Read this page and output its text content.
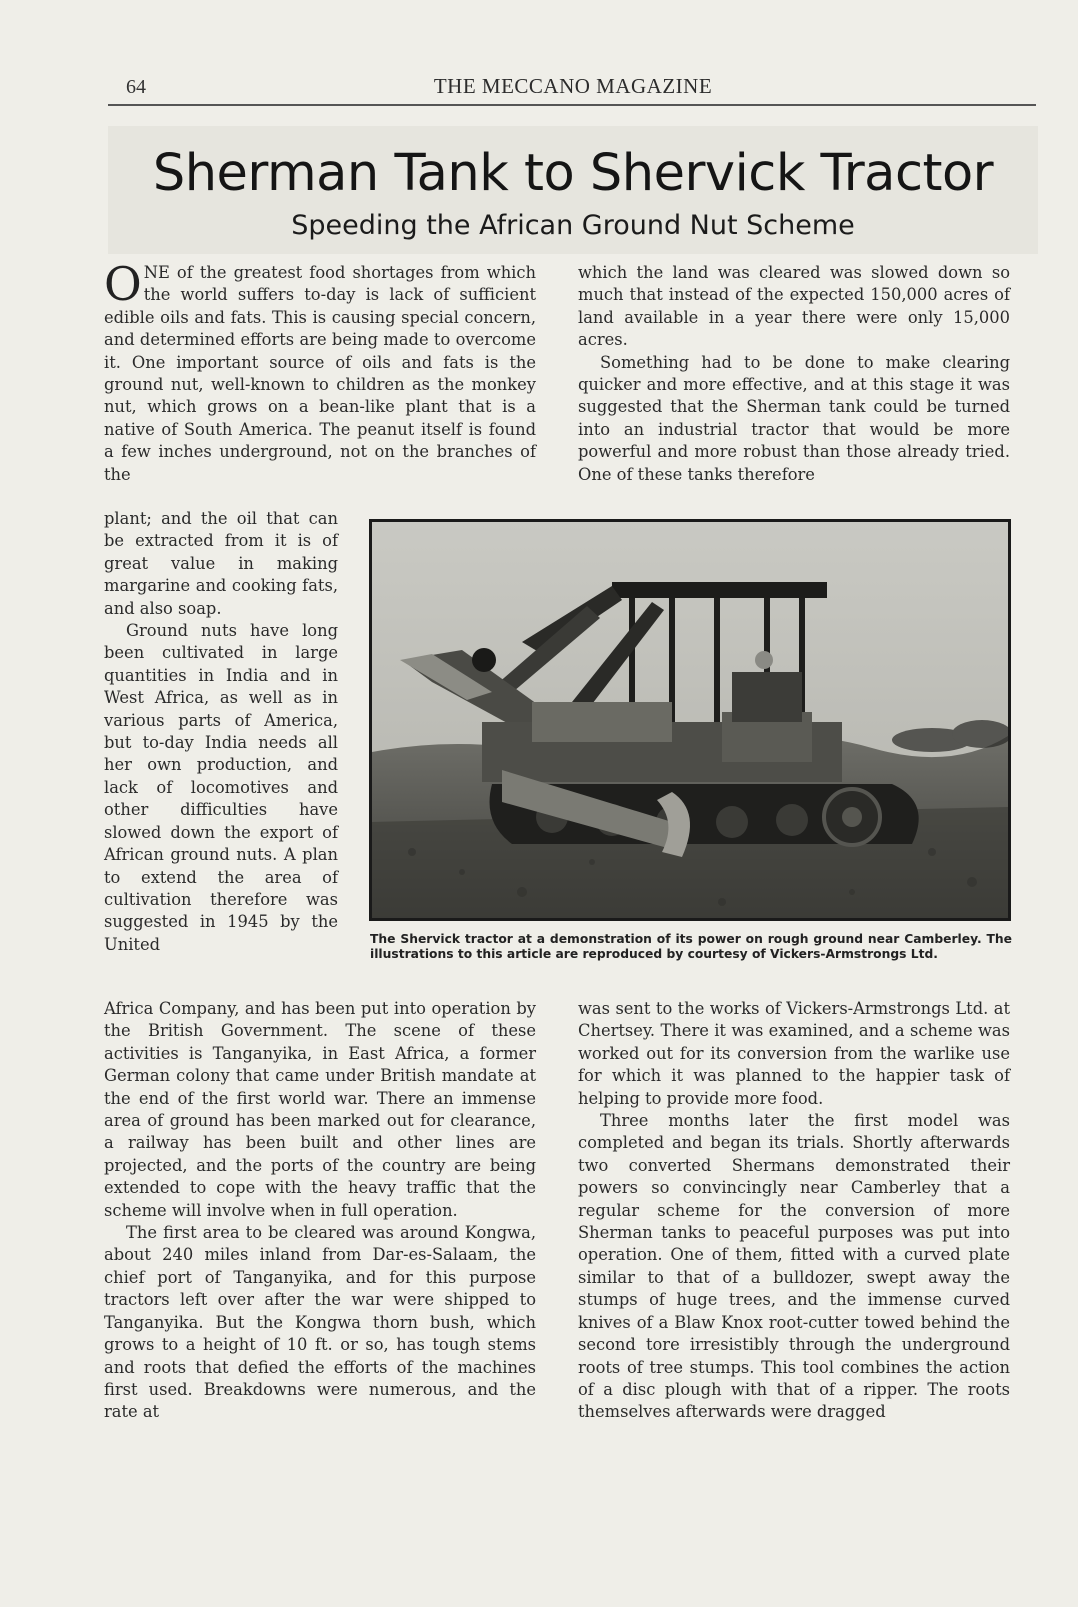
64	THE MECCANO MAGAZINE
Sherman Tank to Shervick Tractor
Speeding the African Ground Nut Scheme

ONE of the greatest food shortages from which the world suffers to-day is lack of sufficient edible oils and fats. This is causing special concern, and determined efforts are being made to overcome it. One important source of oils and fats is the ground nut, well-known to children as the monkey nut, which grows on a bean-like plant that is a native of South America. The peanut itself is found a few inches underground, not on the branches of the

plant; and the oil that can be extracted from it is of great value in making margarine and cooking fats, and also soap.

Ground nuts have long been cultivated in large quantities in India and in West Africa, as well as in various parts of America, but to-day India needs all her own production, and lack of locomotives and other difficulties have slowed down the export of African ground nuts. A plan to extend the area of cultivation therefore was suggested in 1945 by the United	The Shervick tractor at a demonstration of its power on rough ground near Camberley. The illustrations to this article are reproduced by courtesy of Vickers-Armstrongs Ltd.

Africa Company, and has been put into operation by the British Government. The scene of these activities is Tanganyika, in East Africa, a former German colony that came under British mandate at the end of the first world war. There an immense area of ground has been marked out for clearance, a railway has been built and other lines are projected, and the ports of the country are being extended to cope with the heavy traffic that the scheme will involve when in full operation.

The first area to be cleared was around Kongwa, about 240 miles inland from Dar-es-Salaam, the chief port of Tanganyika, and for this purpose tractors left over after the war were shipped to Tanganyika. But the Kongwa thorn bush, which grows to a height of 10 ft. or so, has tough stems and roots that defied the efforts of the machines first used. Breakdowns were numerous, and the rate at

which the land was cleared was slowed down so much that instead of the expected 150,000 acres of land available in a year there were only 15,000 acres.

Something had to be done to make clearing quicker and more effective, and at this stage it was suggested that the Sherman tank could be turned into an industrial tractor that would be more powerful and more robust than those already tried. One of these tanks therefore

was sent to the works of Vickers-Armstrongs Ltd. at Chertsey. There it was examined, and a scheme was worked out for its conversion from the warlike use for which it was planned to the happier task of helping to provide more food.

Three months later the first model was completed and began its trials. Shortly afterwards two converted Shermans demonstrated their powers so convincingly near Camberley that a regular scheme for the conversion of more Sherman tanks to peaceful purposes was put into operation. One of them, fitted with a curved plate similar to that of a bulldozer, swept away the stumps of huge trees, and the immense curved knives of a Blaw Knox root-cutter towed behind the second tore irresistibly through the underground roots of tree stumps. This tool combines the action of a disc plough with that of a ripper. The roots themselves afterwards were dragged
